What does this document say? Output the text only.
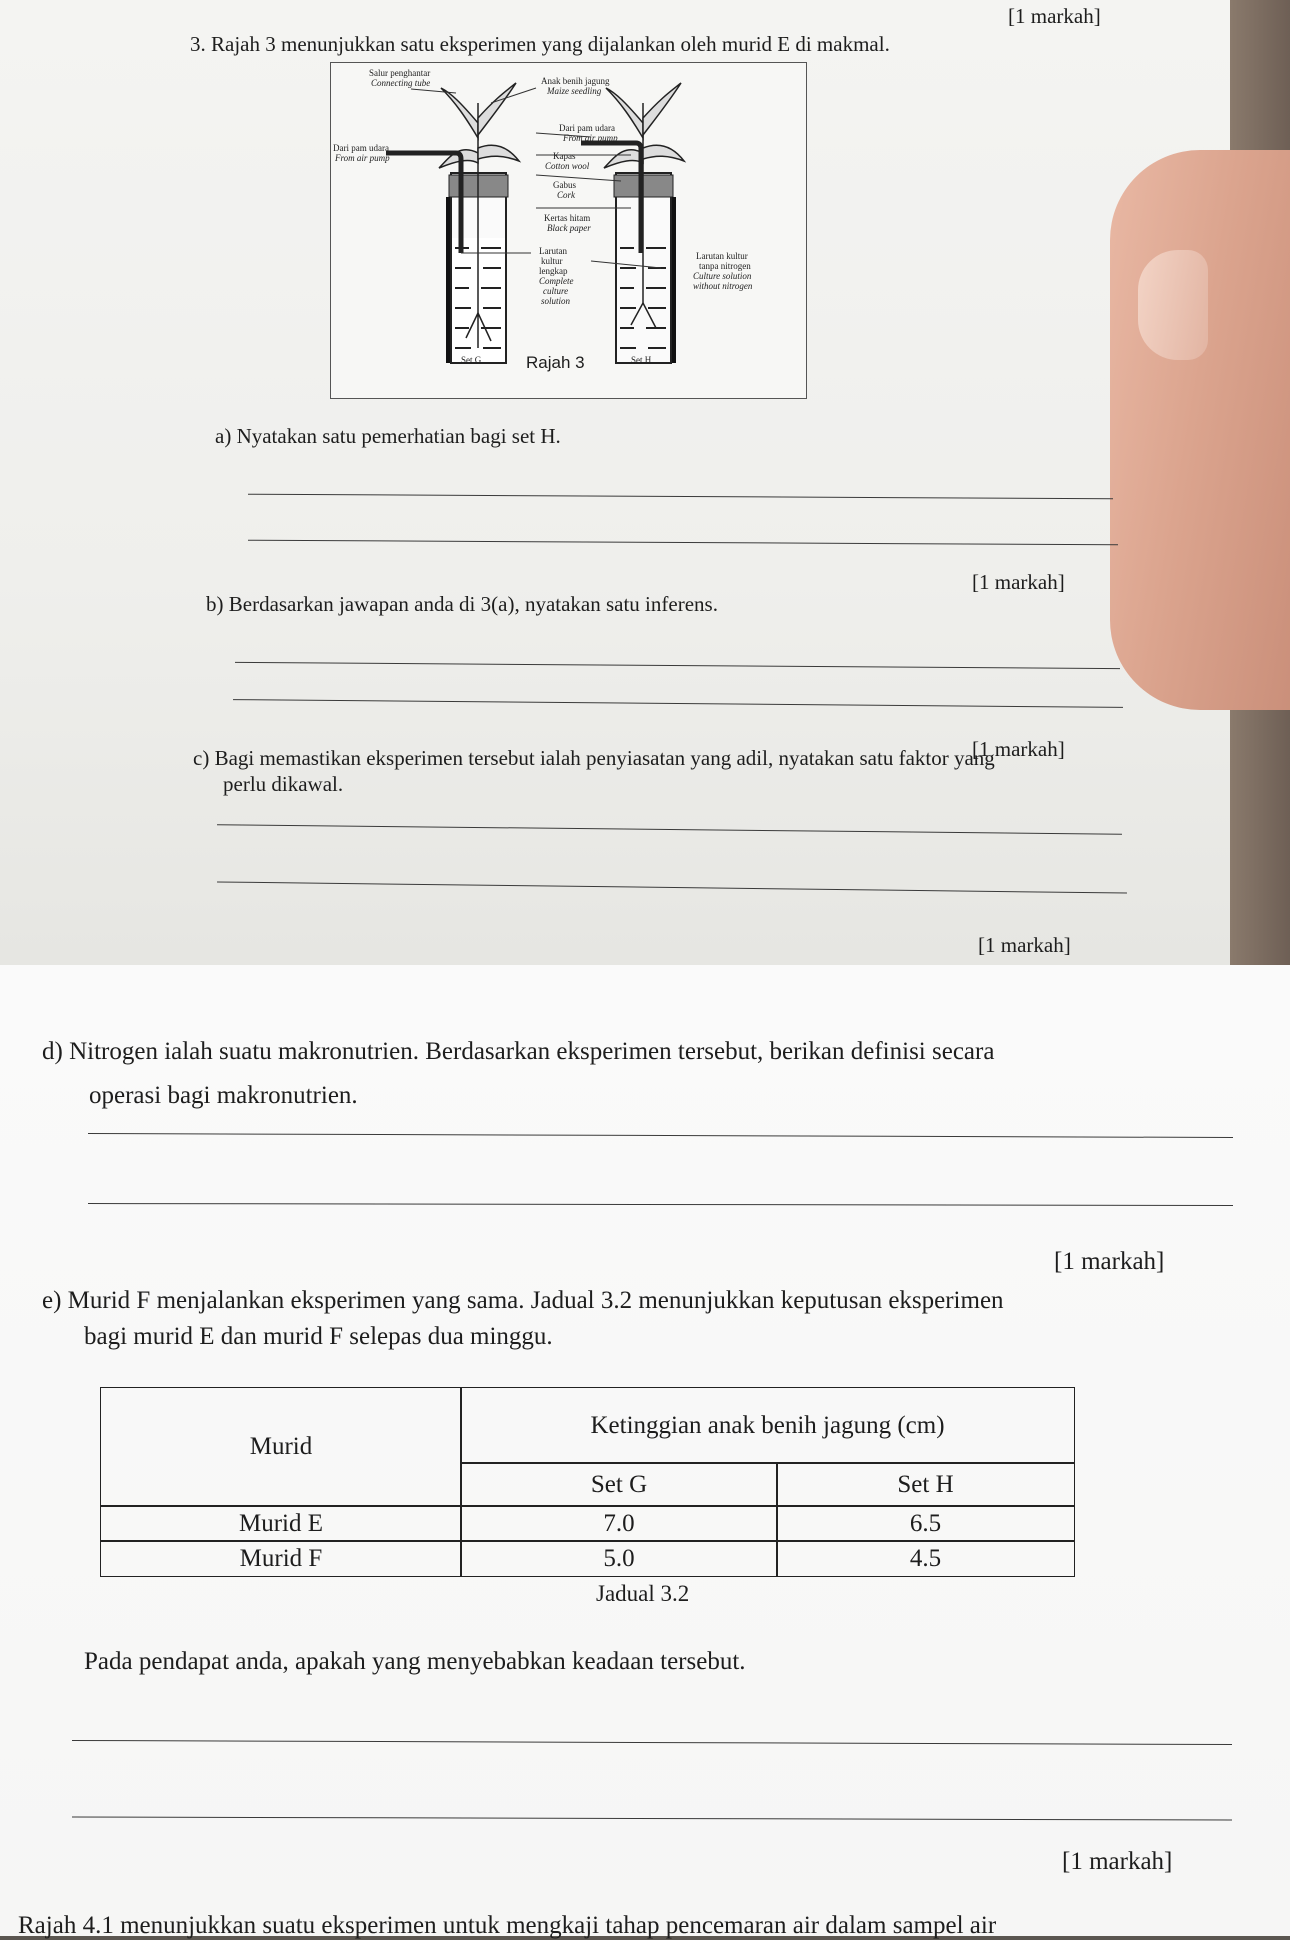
[1 markah]
3. Rajah 3 menunjukkan satu eksperimen yang dijalankan oleh murid E di makmal.
Salur penghantar
Connecting tube	Anak benih jagung
Maize seedling
Dari pam udara
From air pump
Dari pam udara
From air pump
Kapas
Cotton wool
Gabus
Cork
Kertas hitam
Black paper
Larutan
kultur
lengkap
Complete
culture
solution
Larutan kultur
tanpa nitrogen
Culture solution
without nitrogen
Set G	Set H
Rajah 3
a) Nyatakan satu pemerhatian bagi set H.
[1 markah]
b) Berdasarkan jawapan anda di 3(a), nyatakan satu inferens.
[1 markah]
c) Bagi memastikan eksperimen tersebut ialah penyiasatan yang adil, nyatakan satu faktor yang
perlu dikawal.
[1 markah]
d) Nitrogen ialah suatu makronutrien. Berdasarkan eksperimen tersebut, berikan definisi secara
operasi bagi makronutrien.
[1 markah]
e) Murid F menjalankan eksperimen yang sama. Jadual 3.2 menunjukkan keputusan eksperimen
bagi murid E dan murid F selepas dua minggu.
Murid
Ketinggian anak benih jagung (cm)
Set G	Set H
Murid E	7.0	6.5
Murid F	5.0	4.5
Jadual 3.2
Pada pendapat anda, apakah yang menyebabkan keadaan tersebut.
[1 markah]
Rajah 4.1 menunjukkan suatu eksperimen untuk mengkaji tahap pencemaran air dalam sampel air
